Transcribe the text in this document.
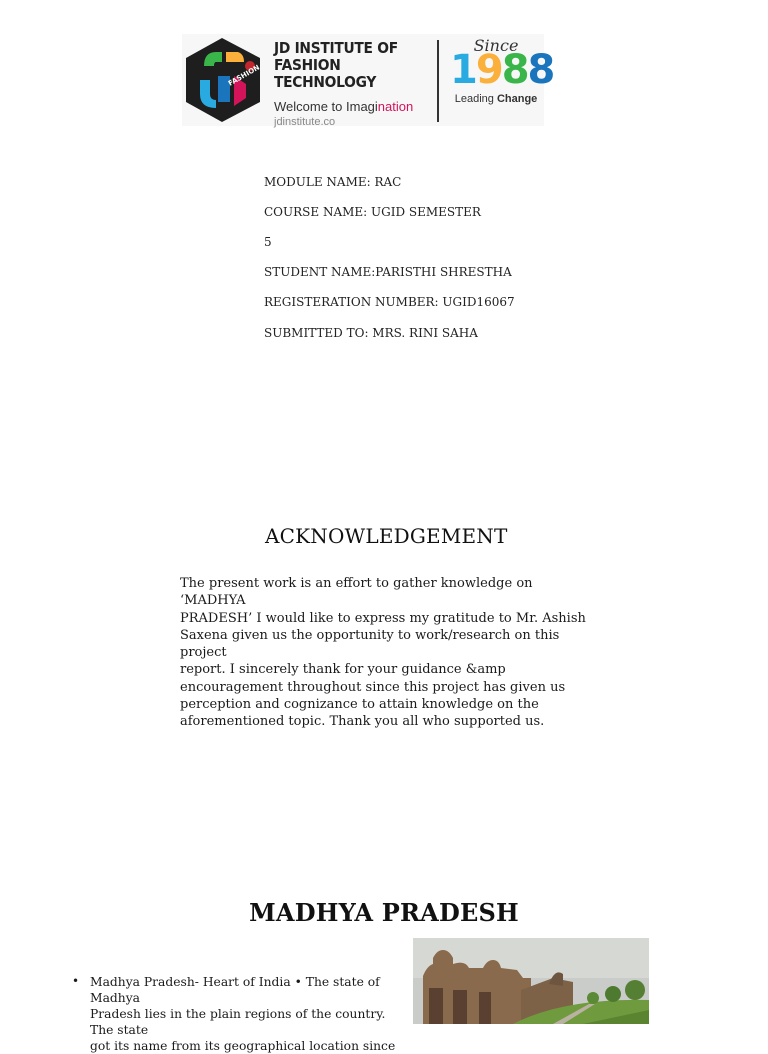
FASHION
JD INSTITUTE OF
FASHION TECHNOLOGY
Welcome to Imagination
jdinstitute.co
Since
1988
Leading Change
MODULE NAME: RAC
COURSE NAME: UGID SEMESTER
5
STUDENT NAME:PARISTHI SHRESTHA
REGISTERATION NUMBER: UGID16067
SUBMITTED TO: MRS. RINI SAHA
ACKNOWLEDGEMENT
The present work is an effort to gather knowledge on ‘MADHYA
PRADESH’ I would like to express my gratitude to Mr. Ashish
Saxena given us the opportunity to work/research on this project
report. I sincerely thank for your guidance &amp
encouragement throughout since this project has given us
perception and cognizance to attain knowledge on the
aforementioned topic. Thank you all who supported us.
MADHYA PRADESH
• Madhya Pradesh- Heart of India • The state of Madhya
Pradesh lies in the plain regions of the country. The state
got its name from its geographical location since
